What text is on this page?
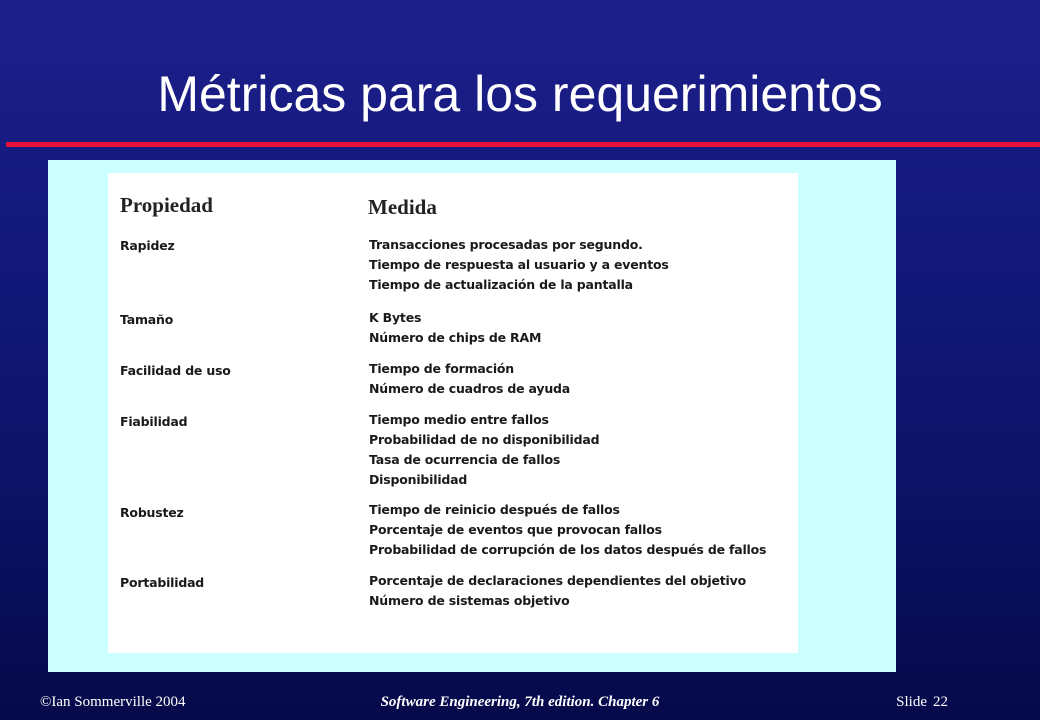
Métricas para los requerimientos
Propiedad	Medida
Rapidez	Transacciones procesadas por segundo.
Tiempo de respuesta al usuario y a eventos
Tiempo de actualización de la pantalla
Tamaño	K Bytes
Número de chips de RAM
Facilidad de uso	Tiempo de formación
Número de cuadros de ayuda
Fiabilidad	Tiempo medio entre fallos
Probabilidad de no disponibilidad
Tasa de ocurrencia de fallos
Disponibilidad
Robustez	Tiempo de reinicio después de fallos
Porcentaje de eventos que provocan fallos
Probabilidad de corrupción de los datos después de fallos
Portabilidad	Porcentaje de declaraciones dependientes del objetivo
Número de sistemas objetivo
©Ian Sommerville 2004	Software Engineering, 7th edition. Chapter 6	Slide 22
